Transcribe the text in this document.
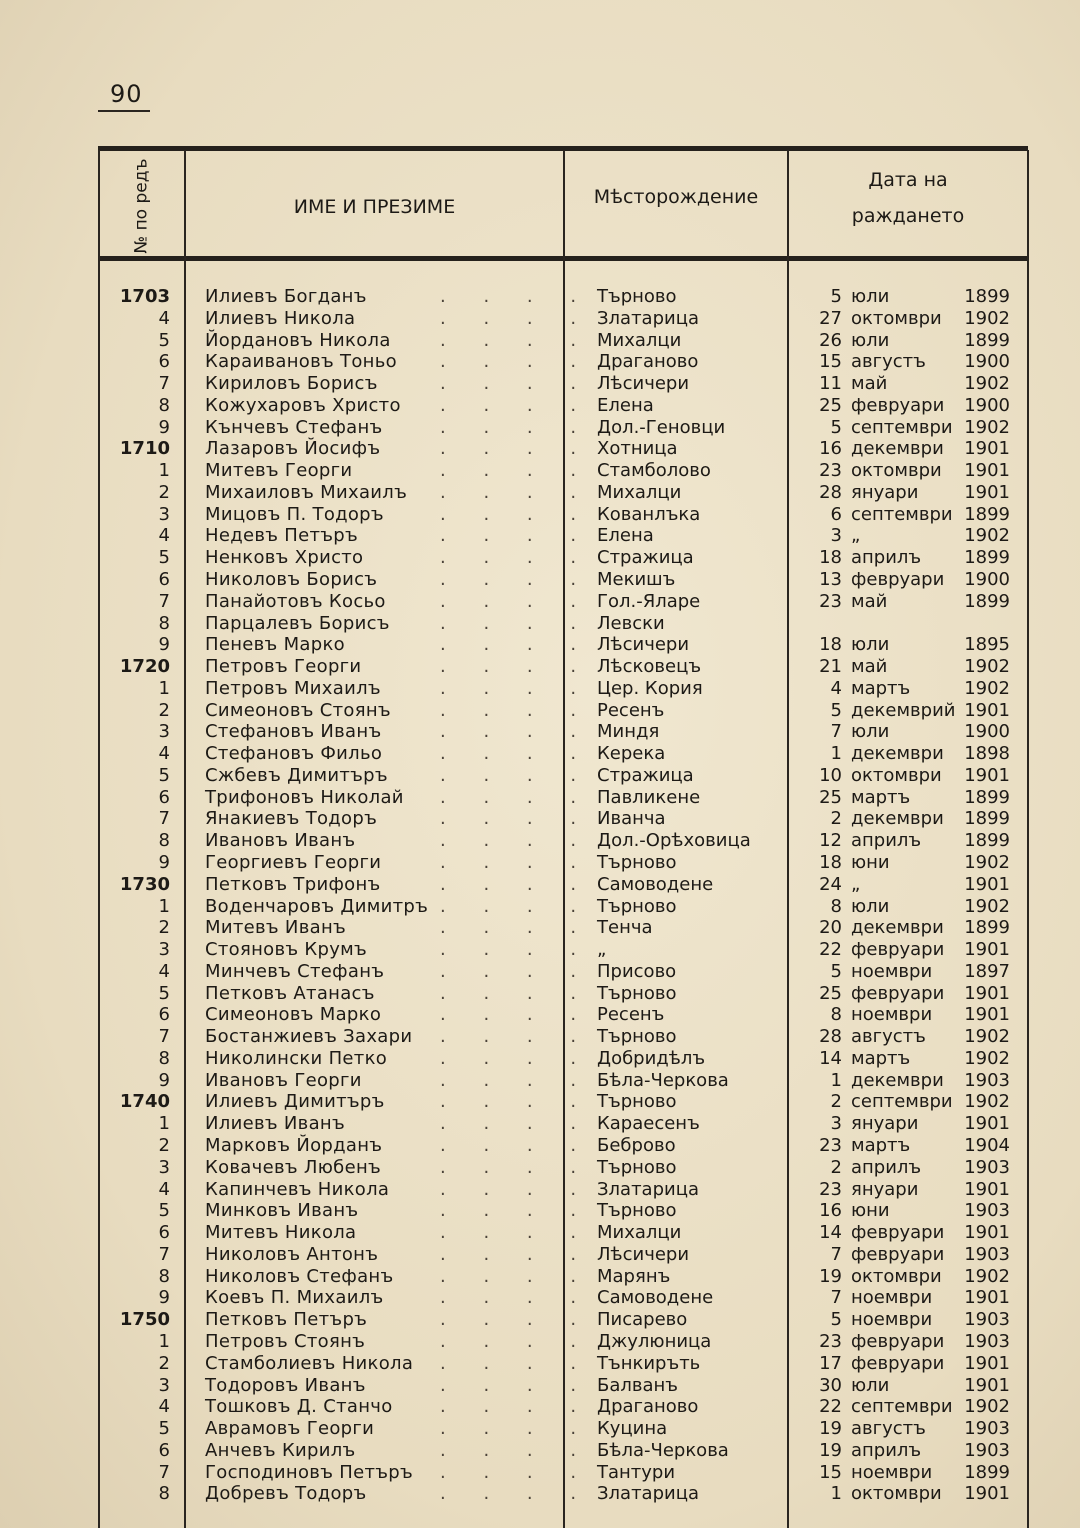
90
№ по редъ	ИМЕ И ПРЕЗИМЕ	Мѣсторождение
Дата на
раждането
1703 Илиевъ Богданъ	Търново	5 юли	1899
. . . .
4 Илиевъ Никола	Златарица	27 октомври	1902
. . . .
5 Йордановъ Никола	Михалци	26 юли	1899
. . . .
6 Караивановъ Тоньо	Драганово	15 августъ	1900
. . . .
7 Кириловъ Борисъ	Лѣсичери	11 май	1902
. . . .
8 Кожухаровъ Христо	Елена	25 февруари	1900
. . . .
9 Кънчевъ Стефанъ	Дол.-Геновци	5 септември 1902
. . . .
1710 Лазаровъ Йосифъ	Хотница	16 декември	1901
. . . .
1 Митевъ Георги	Стамболово	23 октомври	1901
. . . .
2 Михаиловъ Михаилъ	Михалци	28 януари	1901
. . . .
3 Мицовъ П. Тодоръ	Кованлъка	6 септември 1899
. . . .
4 Недевъ Петъръ	Елена	3 „	1902
. . . .
5 Ненковъ Христо	Стражица	18 априлъ	1899
. . . .
6 Николовъ Борисъ	Мекишъ	13 февруари	1900
. . . .
7 Панайотовъ Косьо	Гол.-Яларе	23 май	1899
. . . .
8 Парцалевъ Борисъ	Левски
. . . .
9 Пеневъ Марко	Лѣсичери	18 юли	1895
. . . .
1720 Петровъ Георги	Лѣсковецъ	21 май	1902
. . . .
1 Петровъ Михаилъ	Цер. Кория	4 мартъ	1902
. . . .
2 Симеоновъ Стоянъ	Ресенъ	5 декемврий 1901
. . . .
3 Стефановъ Иванъ	Миндя	7 юли	1900
. . . .
4 Стефановъ Фильо	Керека	1 декември	1898
. . . .
5 Сжбевъ Димитъръ	Стражица	10 октомври	1901
. . . .
6 Трифоновъ Николай	Павликене	25 мартъ	1899
. . . .
7 Янакиевъ Тодоръ	Иванча	2 декември	1899
. . . .
8 Ивановъ Иванъ	Дол.-Орѣховица	12 априлъ	1899
. . . .
9 Георгиевъ Георги	Търново	18 юни	1902
. . . .
1730 Петковъ Трифонъ	Самоводене	24 „	1901
. . . .
1 Воденчаровъ Димитръ	Търново	8 юли	1902
. . . .
2 Митевъ Иванъ	Тенча	20 декември	1899
. . . .
3 Стояновъ Крумъ	„	22 февруари	1901
. . . .
4 Минчевъ Стефанъ	Присово	5 ноември	1897
. . . .
5 Петковъ Атанасъ	Търново	25 февруари	1901
. . . .
6 Симеоновъ Марко	Ресенъ	8 ноември	1901
. . . .
7 Бостанжиевъ Захари	Търново	28 августъ	1902
. . . .
8 Николински Петко	Добридѣлъ	14 мартъ	1902
. . . .
9 Ивановъ Георги	Бѣла-Черкова	1 декември	1903
. . . .
1740 Илиевъ Димитъръ	Търново	2 септември 1902
. . . .
1 Илиевъ Иванъ	Караесенъ	3 януари	1901
. . . .
2 Марковъ Йорданъ	Беброво	23 мартъ	1904
. . . .
3 Ковачевъ Любенъ	Търново	2 априлъ	1903
. . . .
4 Капинчевъ Никола	Златарица	23 януари	1901
. . . .
5 Минковъ Иванъ	Търново	16 юни	1903
. . . .
6 Митевъ Никола	Михалци	14 февруари	1901
. . . .
7 Николовъ Антонъ	Лѣсичери	7 февруари	1903
. . . .
8 Николовъ Стефанъ	Марянъ	19 октомври	1902
. . . .
9 Коевъ П. Михаилъ	Самоводене	7 ноември	1901
. . . .
1750 Петковъ Петъръ	Писарево	5 ноември	1903
. . . .
1 Петровъ Стоянъ	Джулюница	23 февруари	1903
. . . .
2 Стамболиевъ Никола	Тънкиръть	17 февруари	1901
. . . .
3 Тодоровъ Иванъ	Балванъ	30 юли	1901
. . . .
4 Тошковъ Д. Станчо	Драганово	22 септември 1902
. . . .
5 Аврамовъ Георги	Куцина	19 августъ	1903
. . . .
6 Анчевъ Кирилъ	Бѣла-Черкова	19 априлъ	1903
. . . .
7 Господиновъ Петъръ	Тантури	15 ноември	1899
. . . .
8 Добревъ Тодоръ	Златарица	1 октомври	1901
. . . .
